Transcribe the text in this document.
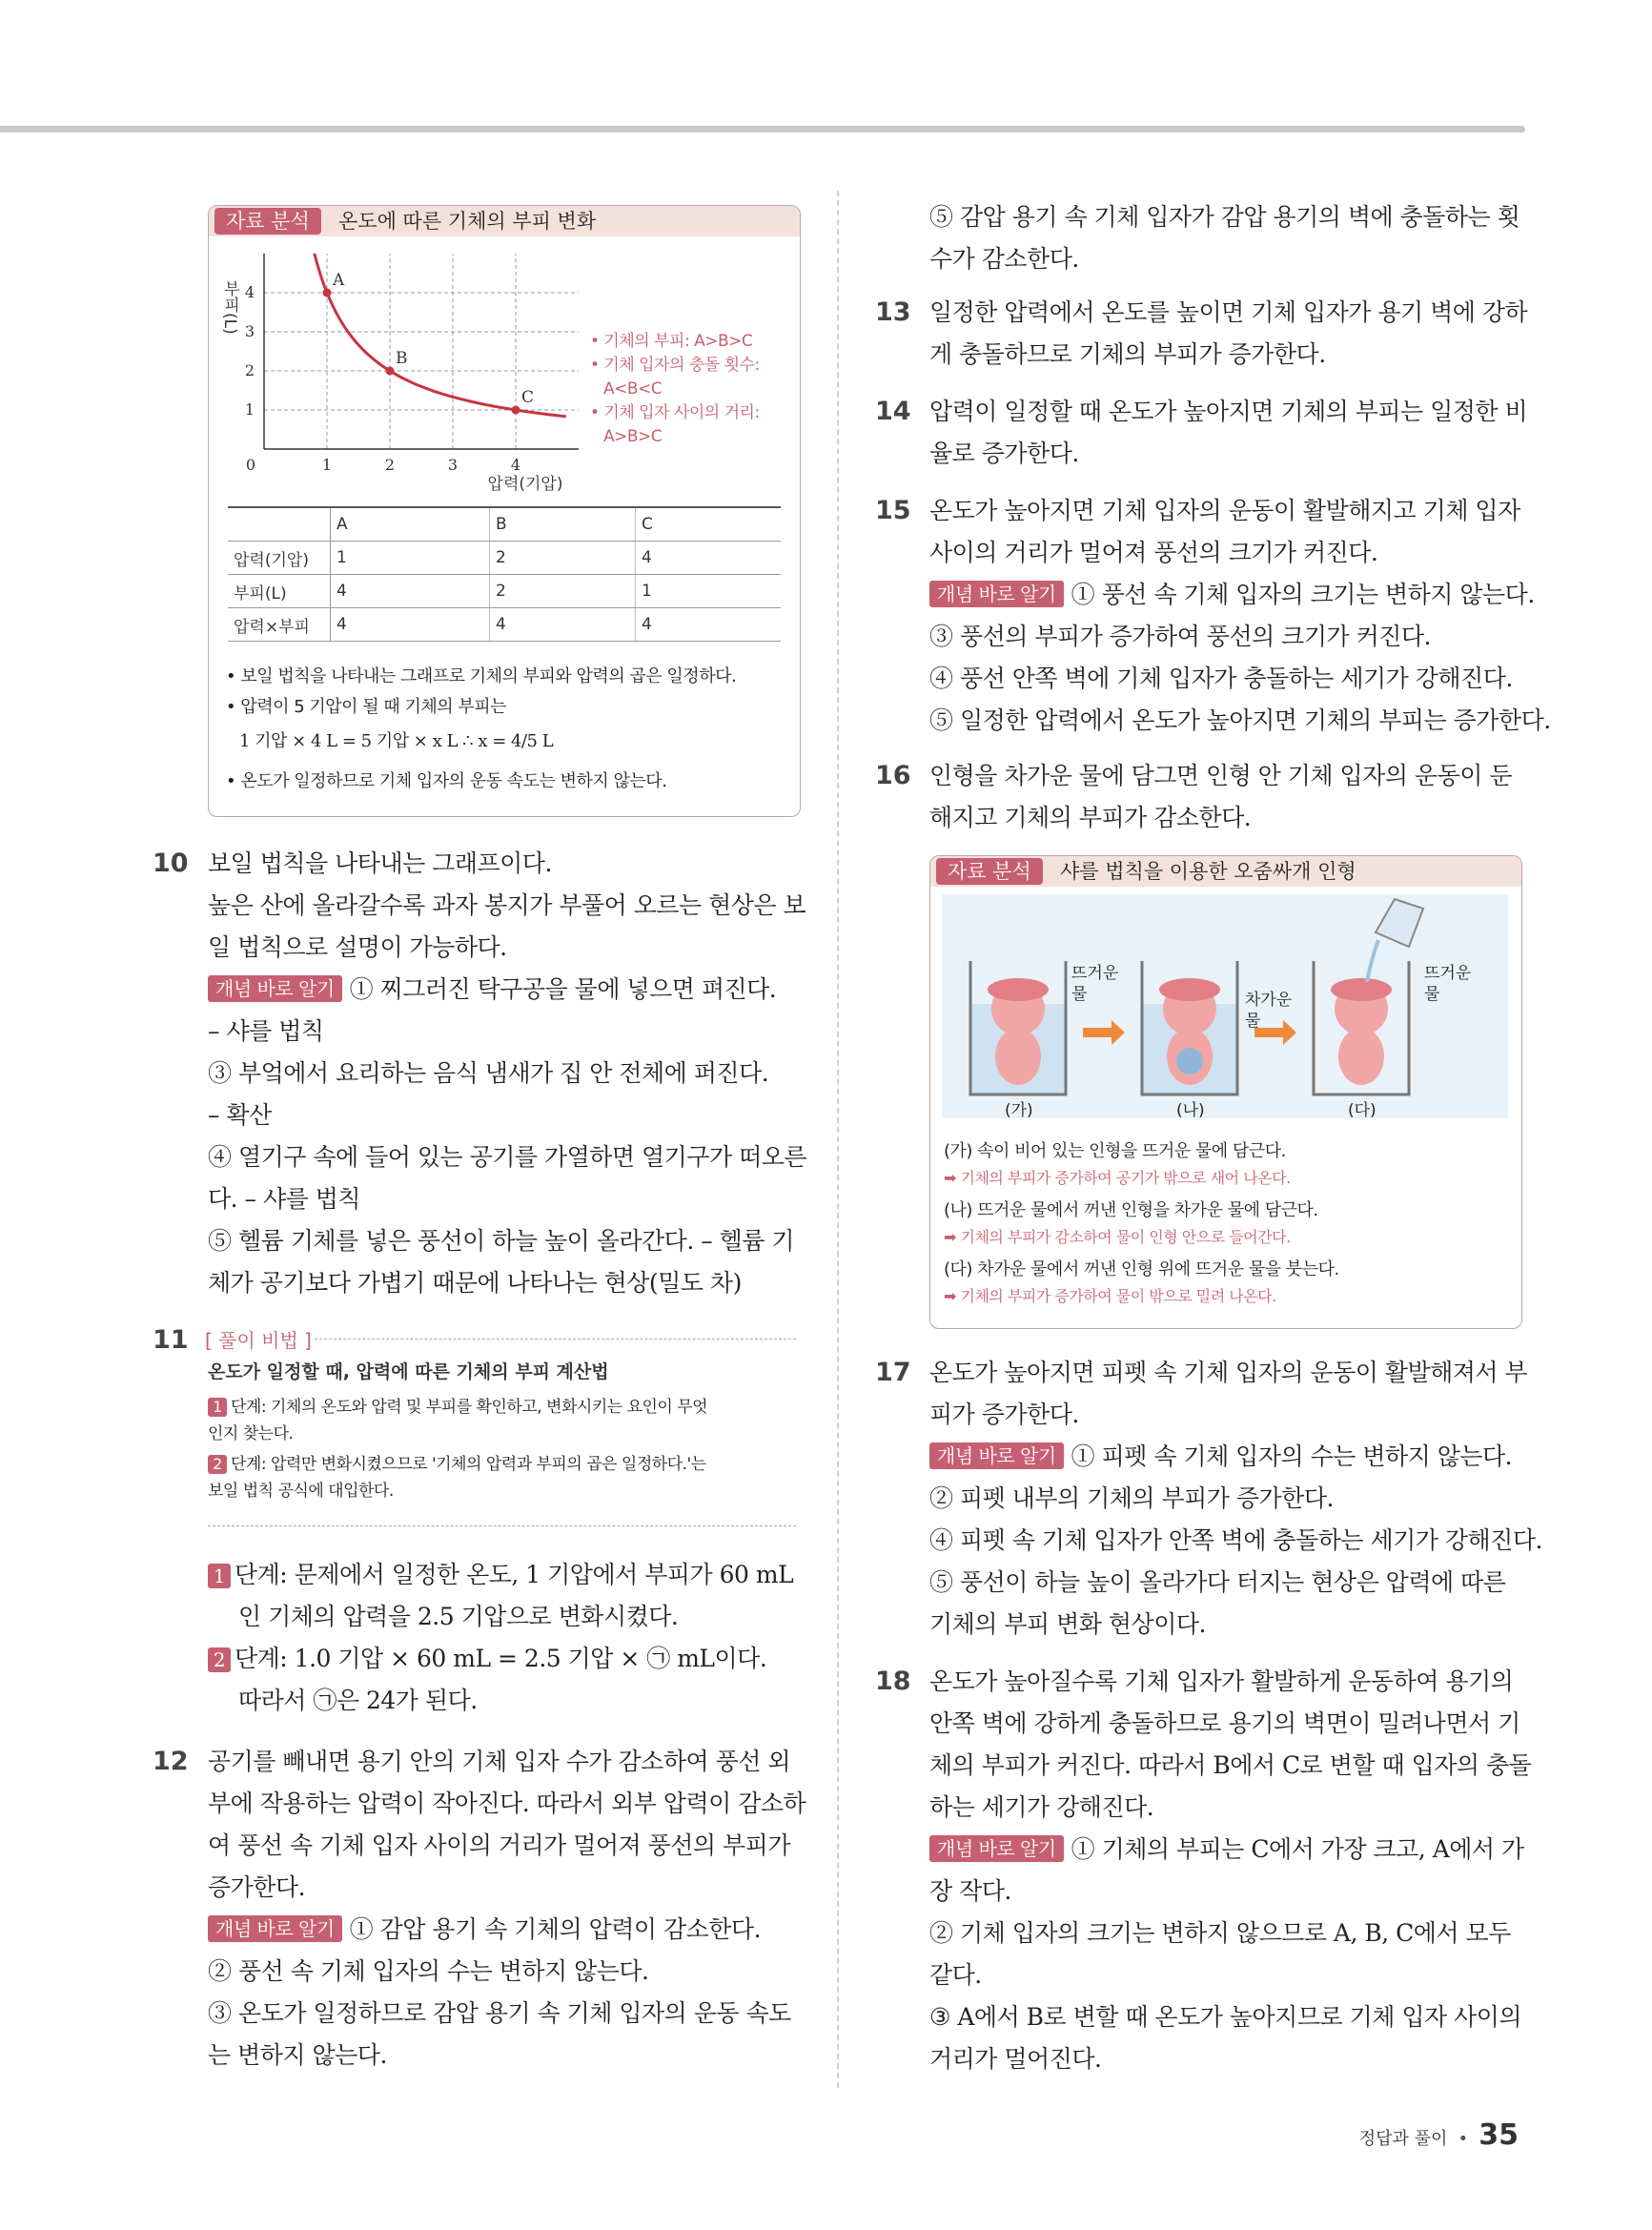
자료 분석	온도에 따른 기체의 부피 변화
0	1	2	3	4
1
2
3
4
압력(기압)
부피(L)	A
B
C
• 기체의 부피: A>B>C
• 기체 입자의 충돌 횟수:
A<B<C
• 기체 입자 사이의 거리:
A>B>C
	A	B	C
압력(기압)	1	2	4
부피(L)	4	2	1
압력×부피	4	4	4
• 보일 법칙을 나타내는 그래프로 기체의 부피와 압력의 곱은 일정하다.
• 압력이 5 기압이 될 때 기체의 부피는
1 기압 × 4 L = 5 기압 × x L ∴ x = 4/5 L
• 온도가 일정하므로 기체 입자의 운동 속도는 변하지 않는다.
10 보일 법칙을 나타내는 그래프이다.
높은 산에 올라갈수록 과자 봉지가 부풀어 오르는 현상은 보
일 법칙으로 설명이 가능하다.
개념 바로 알기 ① 찌그러진 탁구공을 물에 넣으면 펴진다.
– 샤를 법칙
③ 부엌에서 요리하는 음식 냄새가 집 안 전체에 퍼진다.
– 확산
④ 열기구 속에 들어 있는 공기를 가열하면 열기구가 떠오른
다. – 샤를 법칙
⑤ 헬륨 기체를 넣은 풍선이 하늘 높이 올라간다. – 헬륨 기
체가 공기보다 가볍기 때문에 나타나는 현상(밀도 차)
11 [ 풀이 비법 ]
온도가 일정할 때, 압력에 따른 기체의 부피 계산법
1 단계: 기체의 온도와 압력 및 부피를 확인하고, 변화시키는 요인이 무엇
인지 찾는다.
2 단계: 압력만 변화시켰으므로 '기체의 압력과 부피의 곱은 일정하다.'는
보일 법칙 공식에 대입한다.
1 단계: 문제에서 일정한 온도, 1 기압에서 부피가 60 mL
인 기체의 압력을 2.5 기압으로 변화시켰다.
2 단계: 1.0 기압 × 60 mL = 2.5 기압 × ㉠ mL이다.
따라서 ㉠은 24가 된다.
12 공기를 빼내면 용기 안의 기체 입자 수가 감소하여 풍선 외
부에 작용하는 압력이 작아진다. 따라서 외부 압력이 감소하
여 풍선 속 기체 입자 사이의 거리가 멀어져 풍선의 부피가
증가한다.
개념 바로 알기 ① 감압 용기 속 기체의 압력이 감소한다.
② 풍선 속 기체 입자의 수는 변하지 않는다.
③ 온도가 일정하므로 감압 용기 속 기체 입자의 운동 속도
는 변하지 않는다.
⑤ 감압 용기 속 기체 입자가 감압 용기의 벽에 충돌하는 횟
수가 감소한다.
13 일정한 압력에서 온도를 높이면 기체 입자가 용기 벽에 강하
게 충돌하므로 기체의 부피가 증가한다.
14 압력이 일정할 때 온도가 높아지면 기체의 부피는 일정한 비
율로 증가한다.
15 온도가 높아지면 기체 입자의 운동이 활발해지고 기체 입자
사이의 거리가 멀어져 풍선의 크기가 커진다.
개념 바로 알기 ① 풍선 속 기체 입자의 크기는 변하지 않는다.
③ 풍선의 부피가 증가하여 풍선의 크기가 커진다.
④ 풍선 안쪽 벽에 기체 입자가 충돌하는 세기가 강해진다.
⑤ 일정한 압력에서 온도가 높아지면 기체의 부피는 증가한다.
16 인형을 차가운 물에 담그면 인형 안 기체 입자의 운동이 둔
해지고 기체의 부피가 감소한다.
자료 분석	샤를 법칙을 이용한 오줌싸개 인형
뜨거운 물	차가운 물
뜨거운 물
(가)	(나)	(다)
(가) 속이 비어 있는 인형을 뜨거운 물에 담근다.
➡ 기체의 부피가 증가하여 공기가 밖으로 새어 나온다.
(나) 뜨거운 물에서 꺼낸 인형을 차가운 물에 담근다.
➡ 기체의 부피가 감소하여 물이 인형 안으로 들어간다.
(다) 차가운 물에서 꺼낸 인형 위에 뜨거운 물을 붓는다.
➡ 기체의 부피가 증가하여 물이 밖으로 밀려 나온다.
17 온도가 높아지면 피펫 속 기체 입자의 운동이 활발해져서 부
피가 증가한다.
개념 바로 알기 ① 피펫 속 기체 입자의 수는 변하지 않는다.
② 피펫 내부의 기체의 부피가 증가한다.
④ 피펫 속 기체 입자가 안쪽 벽에 충돌하는 세기가 강해진다.
⑤ 풍선이 하늘 높이 올라가다 터지는 현상은 압력에 따른
기체의 부피 변화 현상이다.
18 온도가 높아질수록 기체 입자가 활발하게 운동하여 용기의
안쪽 벽에 강하게 충돌하므로 용기의 벽면이 밀려나면서 기
체의 부피가 커진다. 따라서 B에서 C로 변할 때 입자의 충돌
하는 세기가 강해진다.
개념 바로 알기 ① 기체의 부피는 C에서 가장 크고, A에서 가
장 작다.
② 기체 입자의 크기는 변하지 않으므로 A, B, C에서 모두
같다.
③ A에서 B로 변할 때 온도가 높아지므로 기체 입자 사이의
거리가 멀어진다.
정답과 풀이 • 35
